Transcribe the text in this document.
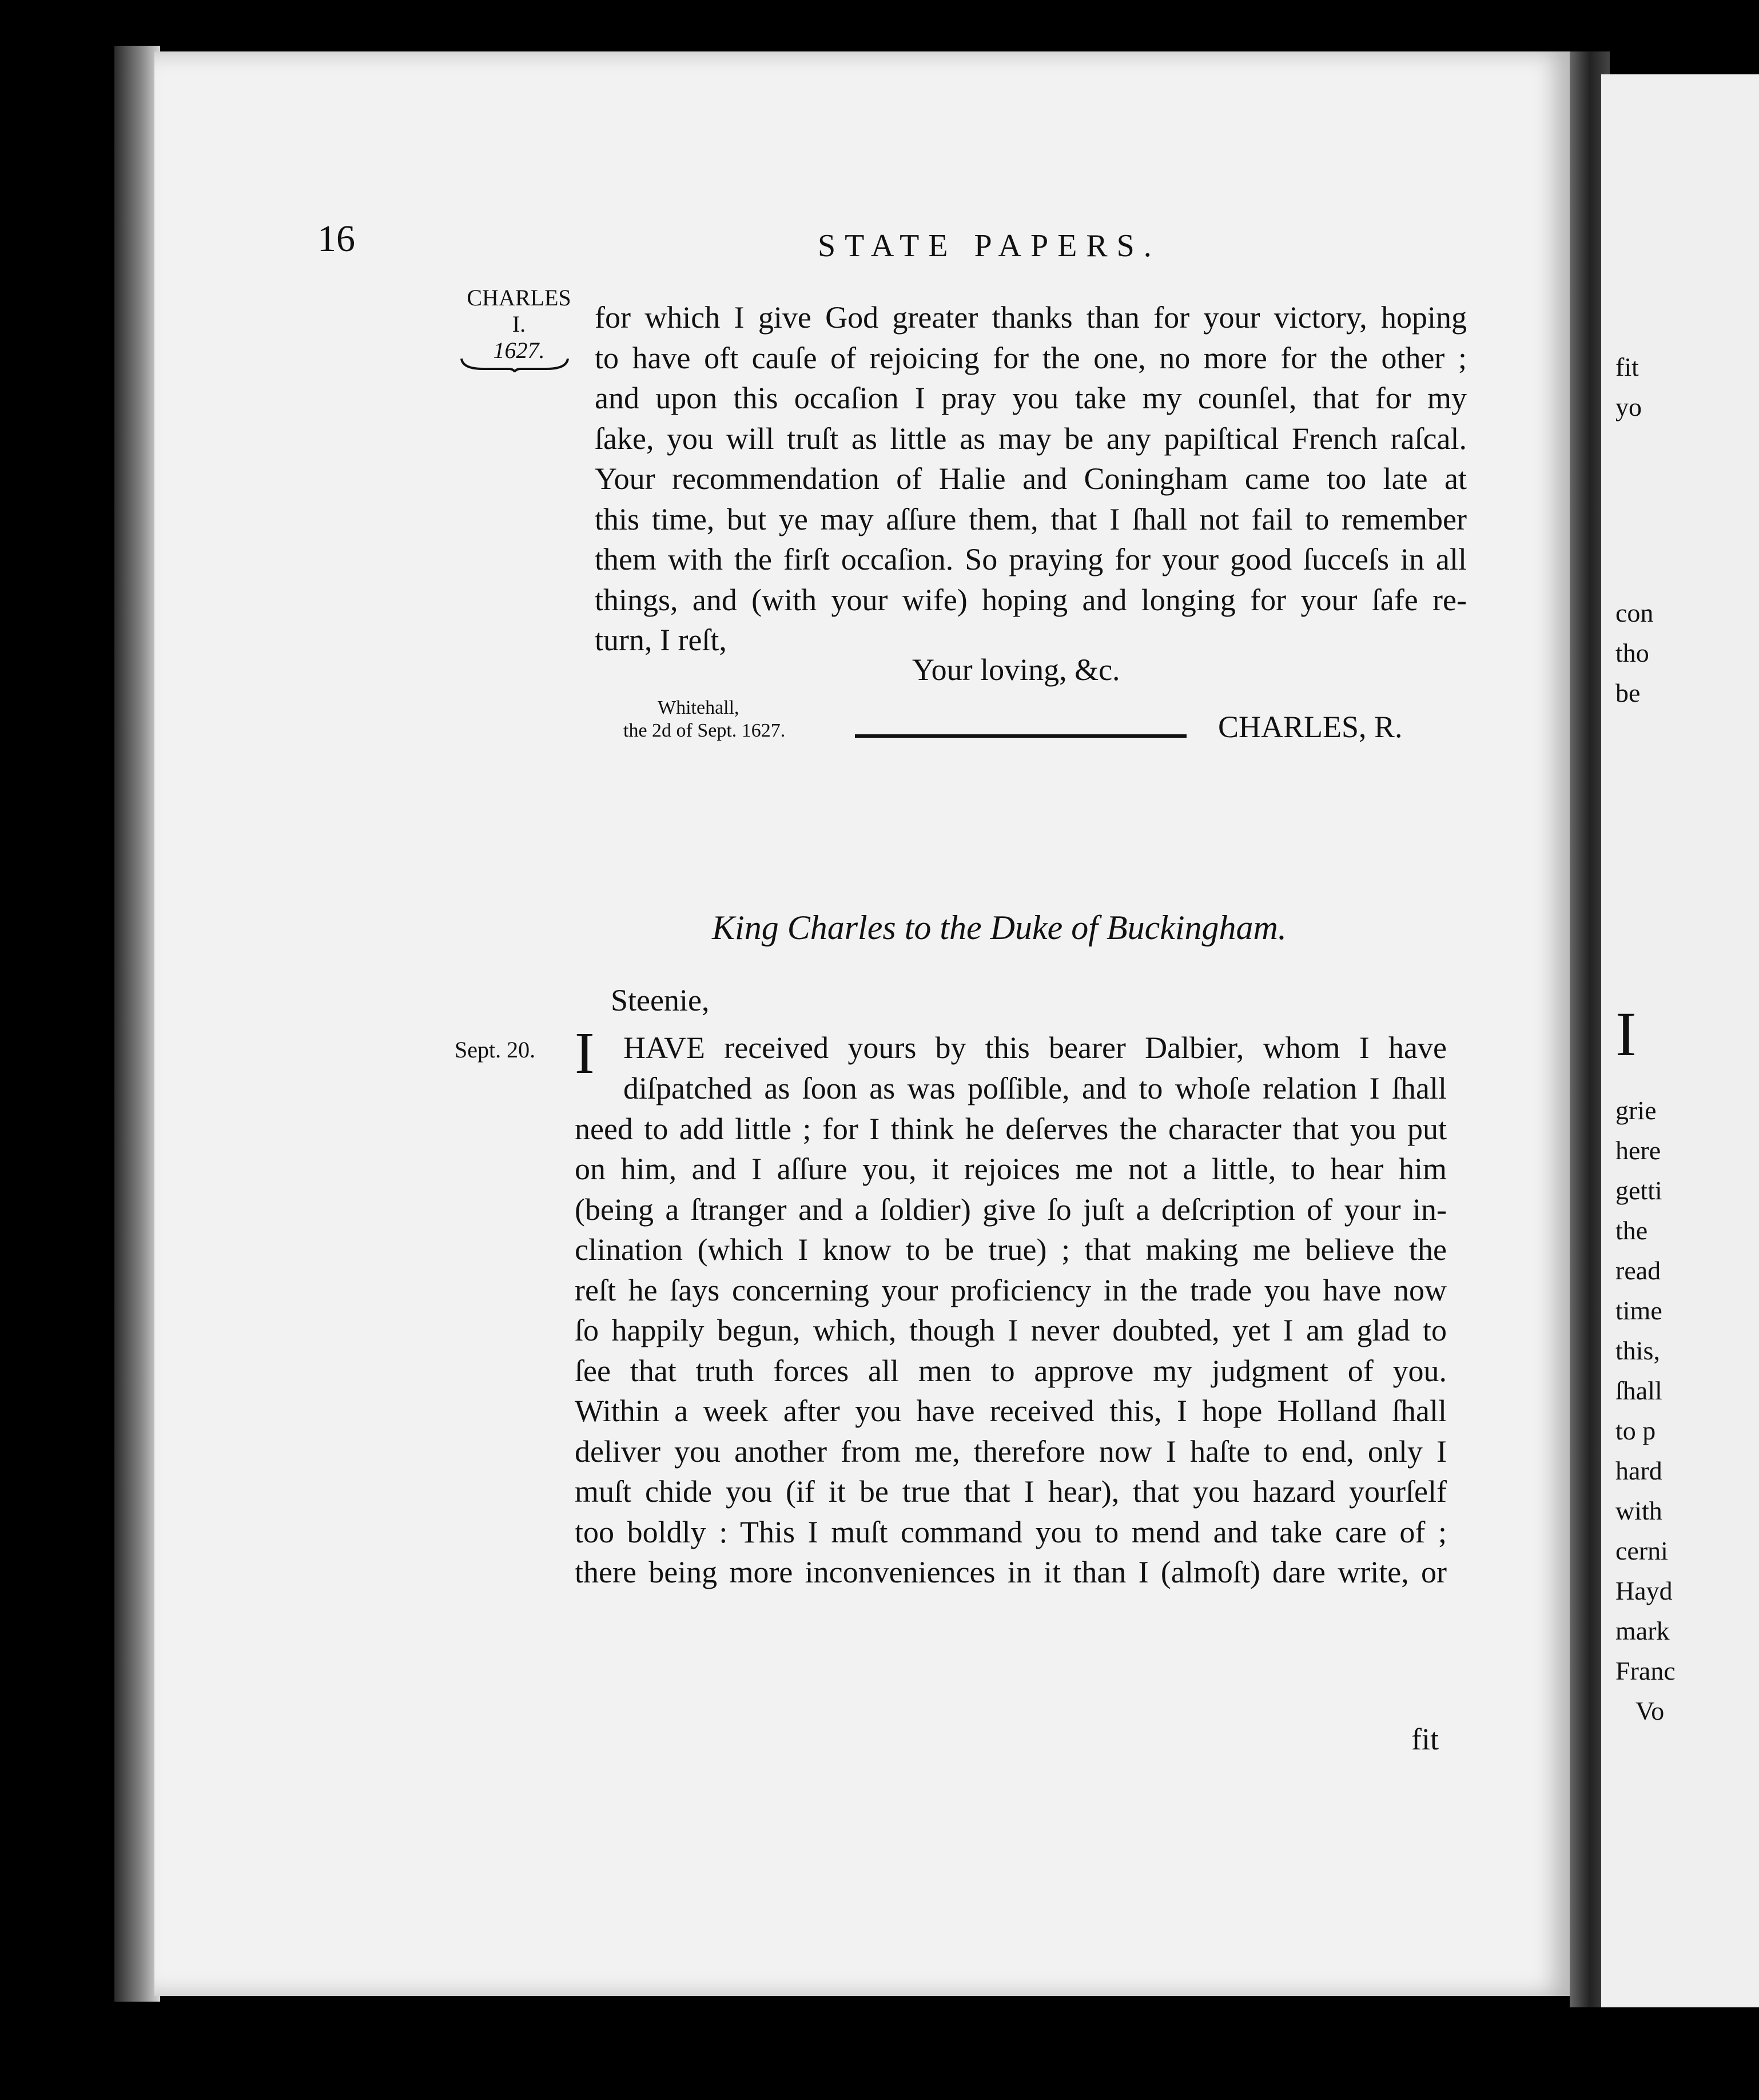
fit
yo
con
tho
be
I
grie
here
getti
the
read
time
this,
ſhall
to p
hard
with
cerni
Hayd
mark
Franc
Vo
16	STATE PAPERS.
CHARLES
I.
1627.
for which I give God greater thanks than for your victory, hoping
to have oft cauſe of rejoicing for the one, no more for the other ;
and upon this occaſion I pray you take my counſel, that for my
ſake, you will truſt as little as may be any papiſtical French raſcal.
Your recommendation of Halie and Coningham came too late at
this time, but ye may aſſure them, that I ſhall not fail to remember
them with the firſt occaſion. So praying for your good ſucceſs in all
things, and (with your wife) hoping and longing for your ſafe re-
turn, I reſt,
Your loving, &c.
Whitehall,
the 2d of Sept. 1627.	CHARLES, R.
King Charles to the Duke of Buckingham.
Steenie,
Sept. 20. I HAVE received yours by this bearer Dalbier, whom I have
diſpatched as ſoon as was poſſible, and to whoſe relation I ſhall
need to add little ; for I think he deſerves the character that you put
on him, and I aſſure you, it rejoices me not a little, to hear him
(being a ſtranger and a ſoldier) give ſo juſt a deſcription of your in-
clination (which I know to be true) ; that making me believe the
reſt he ſays concerning your proficiency in the trade you have now
ſo happily begun, which, though I never doubted, yet I am glad to
ſee that truth forces all men to approve my judgment of you.
Within a week after you have received this, I hope Holland ſhall
deliver you another from me, therefore now I haſte to end, only I
muſt chide you (if it be true that I hear), that you hazard yourſelf
too boldly : This I muſt command you to mend and take care of ;
there being more inconveniences in it than I (almoſt) dare write, or
fit
